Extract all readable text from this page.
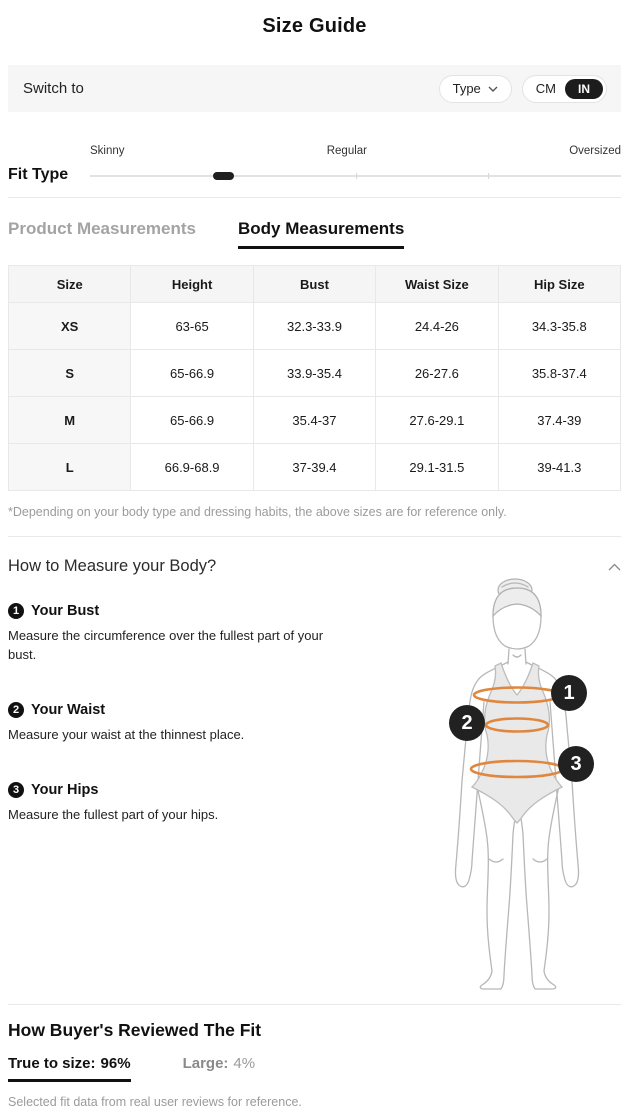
Size Guide
Switch to	Type	CM	IN
Fit Type
Skinny	Regular	Oversized
Product Measurements Body Measurements
Size	Height	Bust	Waist Size	Hip Size
XS	63-65	32.3-33.9	24.4-26	34.3-35.8
S	65-66.9	33.9-35.4	26-27.6	35.8-37.4
M	65-66.9	35.4-37	27.6-29.1	37.4-39
L	66.9-68.9	37-39.4	29.1-31.5	39-41.3
*Depending on your body type and dressing habits, the above sizes are for reference only.
How to Measure your Body?
1 Your Bust
Measure the circumference over the fullest part of your bust.
2 Your Waist
Measure your waist at the thinnest place.
3 Your Hips
Measure the fullest part of your hips.
1
2
3
How Buyer's Reviewed The Fit
True to size: 96%	Large: 4%
Selected fit data from real user reviews for reference.
